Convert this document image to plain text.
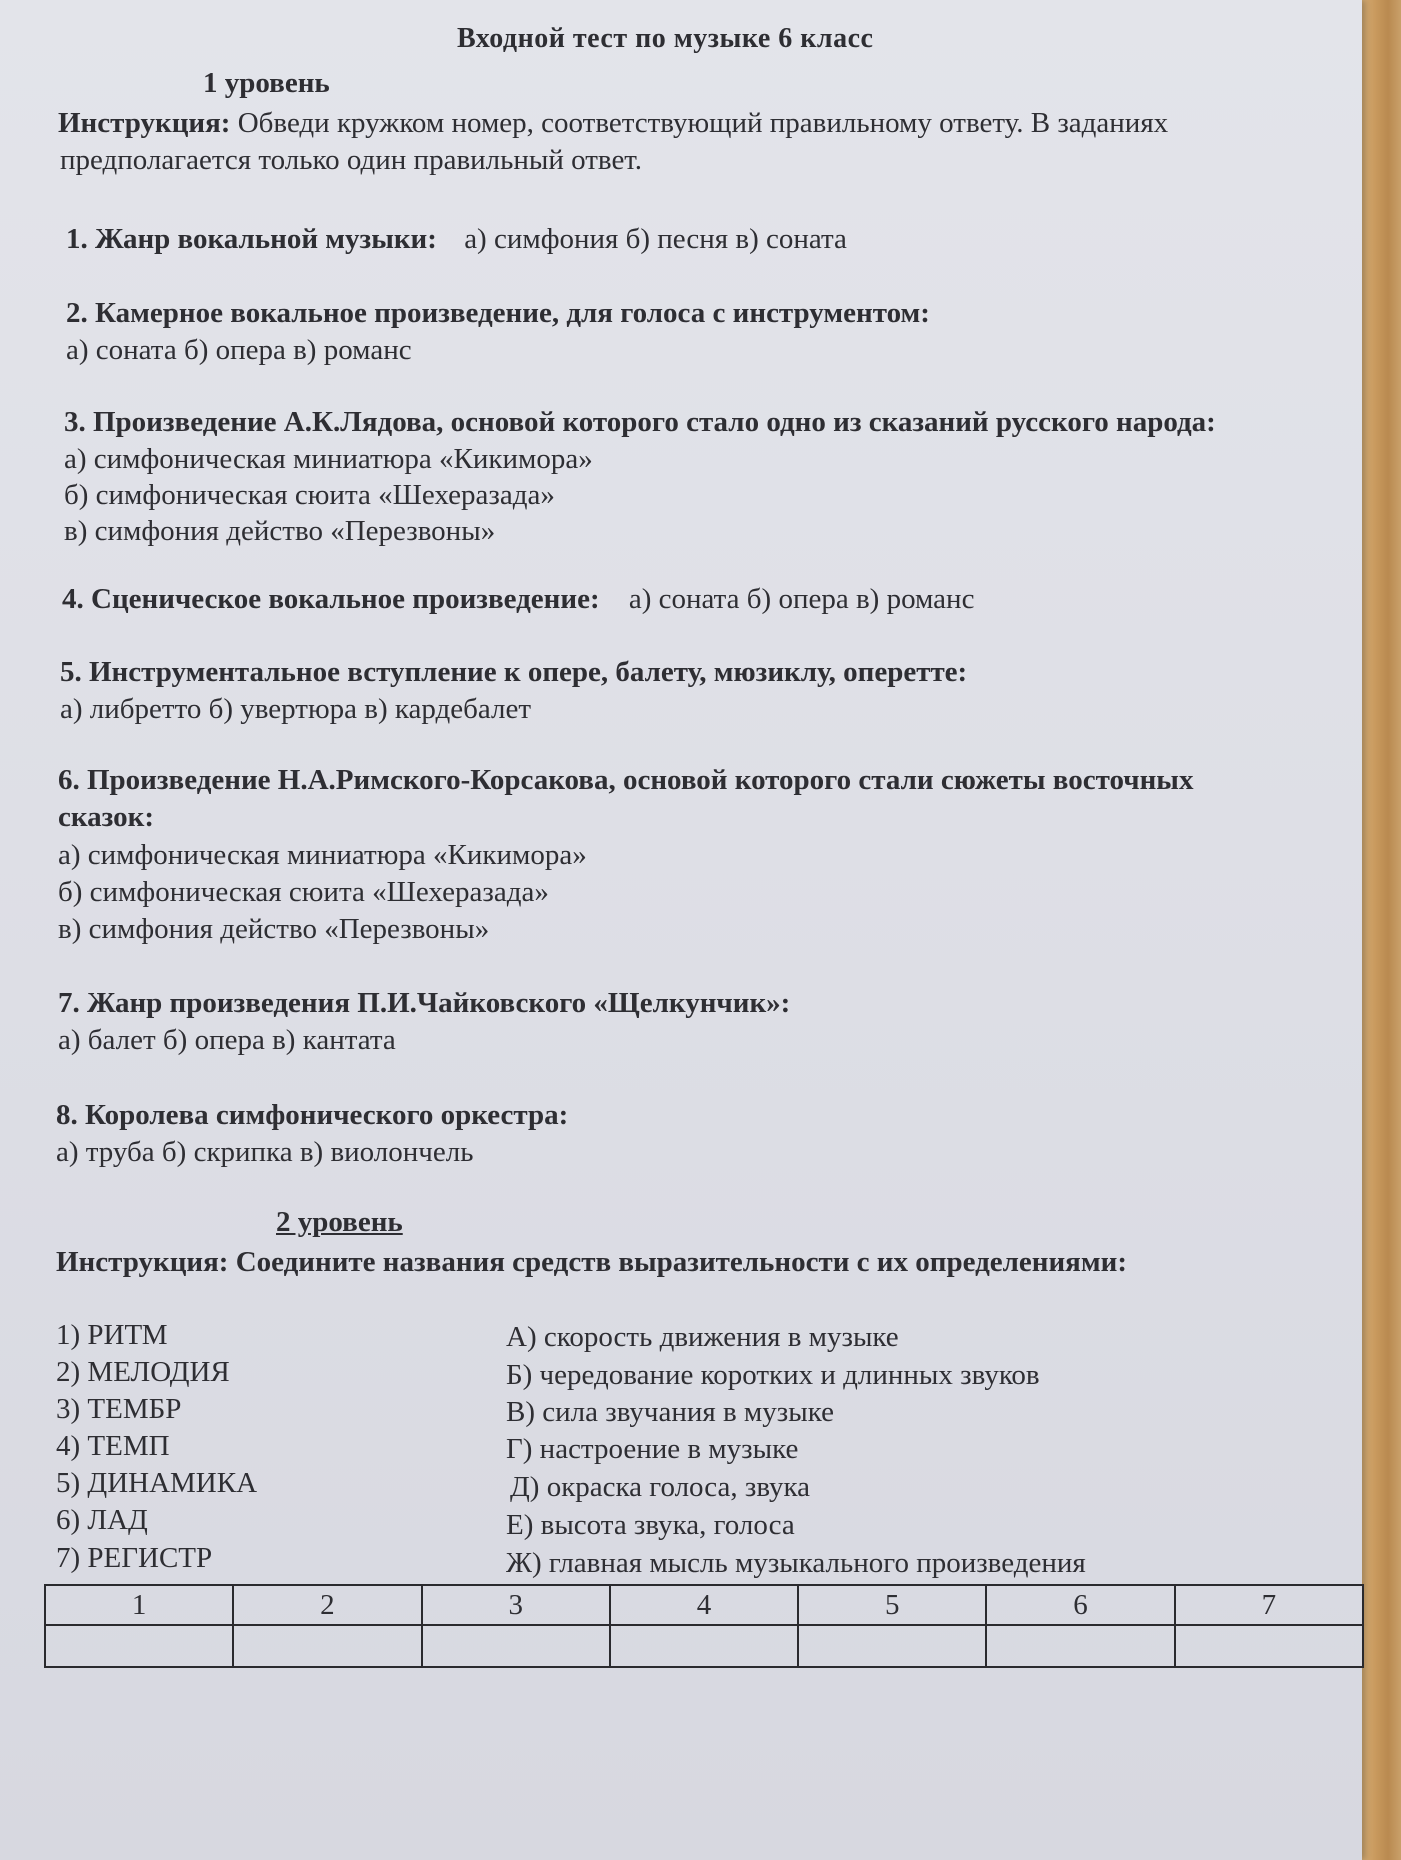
Входной тест по музыке 6 класс
1 уровень
Инструкция: Обведи кружком номер, соответствующий правильному ответу. В заданиях
предполагается только один правильный ответ.
1. Жанр вокальной музыки: а) симфония б) песня в) соната
2. Камерное вокальное произведение, для голоса с инструментом:
а) соната б) опера в) романс
3. Произведение А.К.Лядова, основой которого стало одно из сказаний русского народа:
а) симфоническая миниатюра «Кикимора»
б) симфоническая сюита «Шехеразада»
в) симфония действо «Перезвоны»
4. Сценическое вокальное произведение: а) соната б) опера в) романс
5. Инструментальное вступление к опере, балету, мюзиклу, оперетте:
а) либретто б) увертюра в) кардебалет
6. Произведение Н.А.Римского-Корсакова, основой которого стали сюжеты восточных
сказок:
а) симфоническая миниатюра «Кикимора»
б) симфоническая сюита «Шехеразада»
в) симфония действо «Перезвоны»
7. Жанр произведения П.И.Чайковского «Щелкунчик»:
а) балет б) опера в) кантата
8. Королева симфонического оркестра:
а) труба б) скрипка в) виолончель
2 уровень
Инструкция: Соедините названия средств выразительности с их определениями:
1) РИТМ
2) МЕЛОДИЯ
3) ТЕМБР
4) ТЕМП
5) ДИНАМИКА
6) ЛАД
7) РЕГИСТР
А) скорость движения в музыке
Б) чередование коротких и длинных звуков
В) сила звучания в музыке
Г) настроение в музыке
Д) окраска голоса, звука
Е) высота звука, голоса
Ж) главная мысль музыкального произведения
1	2	3	4	5	6	7
